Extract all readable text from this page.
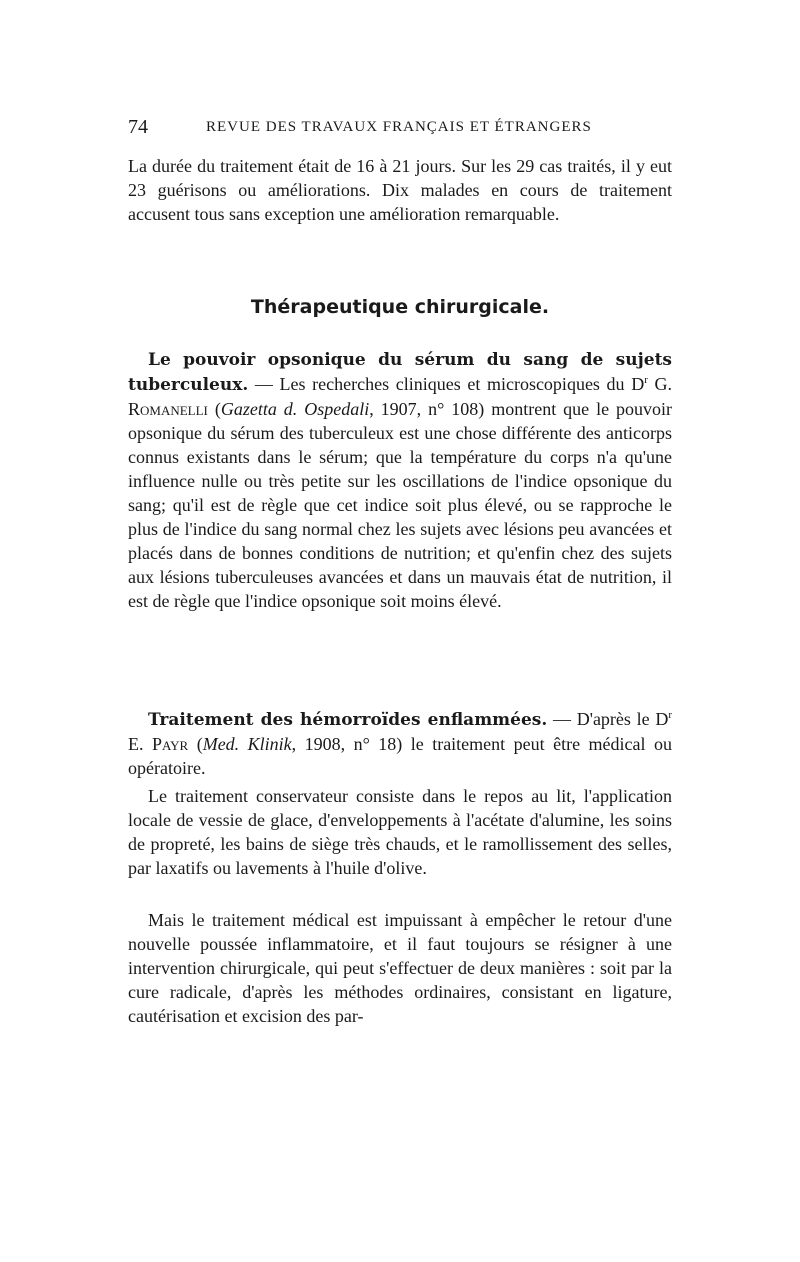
74	REVUE DES TRAVAUX FRANÇAIS ET ÉTRANGERS

La durée du traitement était de 16 à 21 jours. Sur les 29 cas traités, il y eut 23 guérisons ou améliorations. Dix malades en cours de traitement accusent tous sans exception une amélioration remarquable.

Thérapeutique chirurgicale.

Le pouvoir opsonique du sérum du sang de sujets tuberculeux. — Les recherches cliniques et microscopiques du $D^r$ G. Romanelli (Gazetta d. Ospedali, 1907, n° 108) montrent que le pouvoir opsonique du sérum des tuberculeux est une chose différente des anticorps connus existants dans le sérum; que la température du corps n'a qu'une influence nulle ou très petite sur les oscillations de l'indice opsonique du sang; qu'il est de règle que cet indice soit plus élevé, ou se rapproche le plus de l'indice du sang normal chez les sujets avec lésions peu avancées et placés dans de bonnes conditions de nutrition; et qu'enfin chez des sujets aux lésions tuberculeuses avancées et dans un mauvais état de nutrition, il est de règle que l'indice opsonique soit moins élevé.

Traitement des hémorroïdes enflammées. — D'après le $D^r$ E. Payr (Med. Klinik, 1908, n° 18) le traitement peut être médical ou opératoire.

Le traitement conservateur consiste dans le repos au lit, l'application locale de vessie de glace, d'enveloppements à l'acétate d'alumine, les soins de propreté, les bains de siège très chauds, et le ramollissement des selles, par laxatifs ou lavements à l'huile d'olive.

Mais le traitement médical est impuissant à empêcher le retour d'une nouvelle poussée inflammatoire, et il faut toujours se résigner à une intervention chirurgicale, qui peut s'effectuer de deux manières : soit par la cure radicale, d'après les méthodes ordinaires, consistant en ligature, cautérisation et excision des par-
